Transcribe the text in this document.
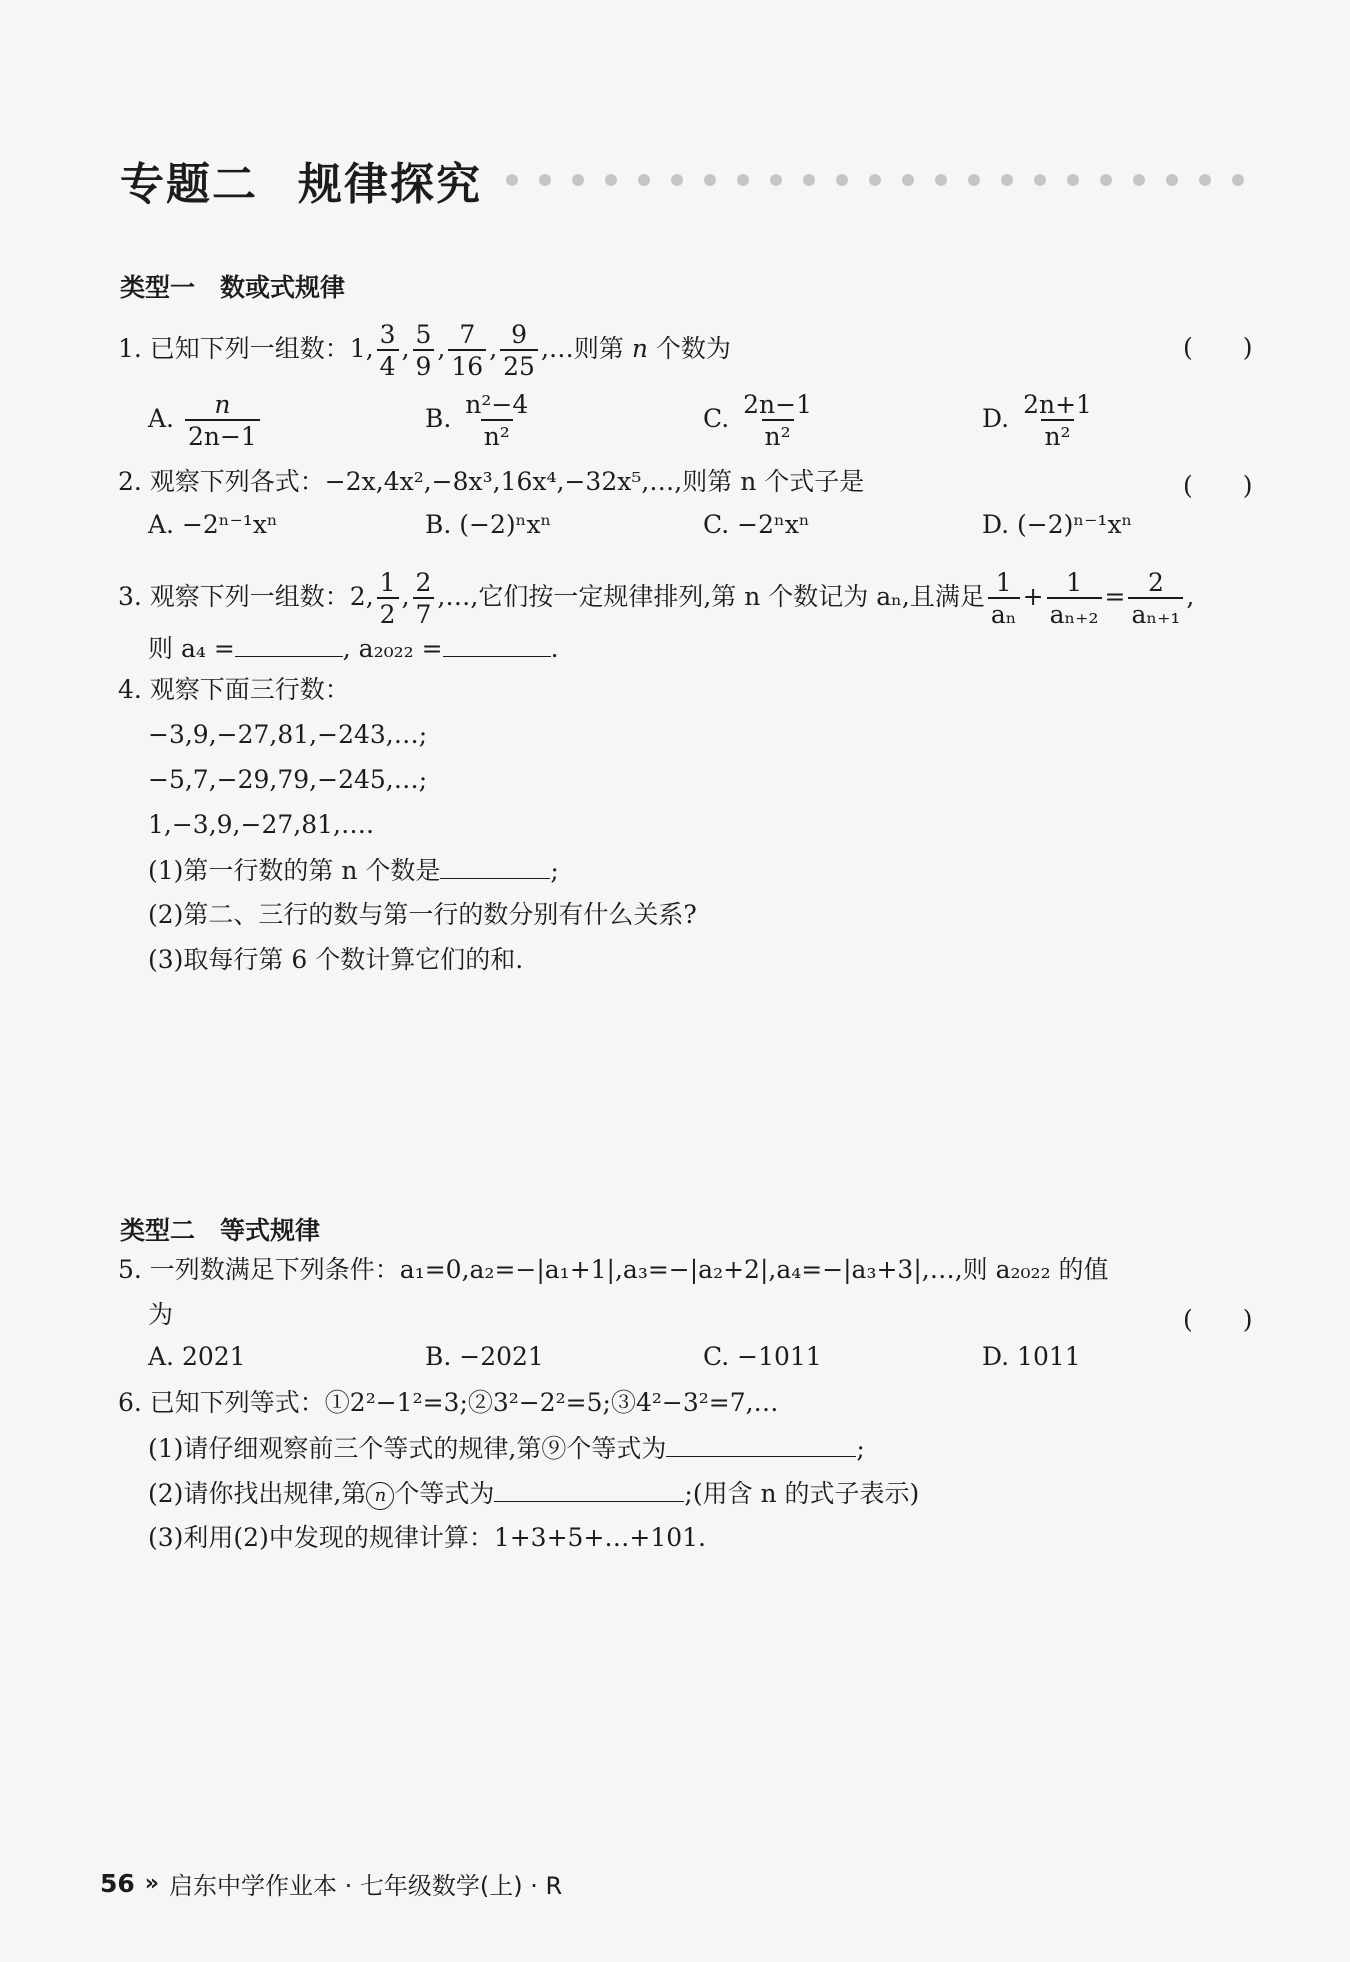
专题二 规律探究
类型一　数或式规律
1. 已知下列一组数：1, $\frac{3}{4}$ , $\frac{5}{9}$ , $\frac{7}{16}$ , $\frac{9}{25}$ ,…则第 n 个数为	(　　)
A. $\frac{n}{2n-1}$	B. $\frac{\text{n²−4}}{\text{n²}}$	C. $\frac{2n-1}{\text{n²}}$	D. $\frac{2n+1}{\text{n²}}$
2. 观察下列各式：−2x,4x²,−8x³,16x⁴,−32x⁵,…,则第 n 个式子是	(　　)
A. −2ⁿ⁻¹xⁿ	B. (−2)ⁿxⁿ	C. −2ⁿxⁿ	D. (−2)ⁿ⁻¹xⁿ
3. 观察下列一组数：2, $\frac{1}{2}$ , $\frac{2}{7}$ ,…,它们按一定规律排列,第 n 个数记为 aₙ,且满足 $\frac{1}{\text{aₙ}} + \frac{1}{\text{aₙ₊₂}} = \frac{2}{\text{aₙ₊₁}}$ ,
则 a₄ =	, a₂₀₂₂ =	.
4. 观察下面三行数：
−3,9,−27,81,−243,…;
−5,7,−29,79,−245,…;
1,−3,9,−27,81,….
(1)第一行数的第 n 个数是	;
(2)第二、三行的数与第一行的数分别有什么关系?
(3)取每行第 6 个数计算它们的和.
类型二　等式规律
5. 一列数满足下列条件：a₁=0,a₂=−|a₁+1|,a₃=−|a₂+2|,a₄=−|a₃+3|,…,则 a₂₀₂₂ 的值
为	(　　)
A. 2021	B. −2021	C. −1011	D. 1011
6. 已知下列等式：①2²−1²=3;②3²−2²=5;③4²−3²=7,…
(1)请仔细观察前三个等式的规律,第⑨个等式为	;
(2)请你找出规律,第 n 个等式为	;(用含 n 的式子表示)
(3)利用(2)中发现的规律计算：1+3+5+…+101.
56 » 启东中学作业本 · 七年级数学(上) · R
